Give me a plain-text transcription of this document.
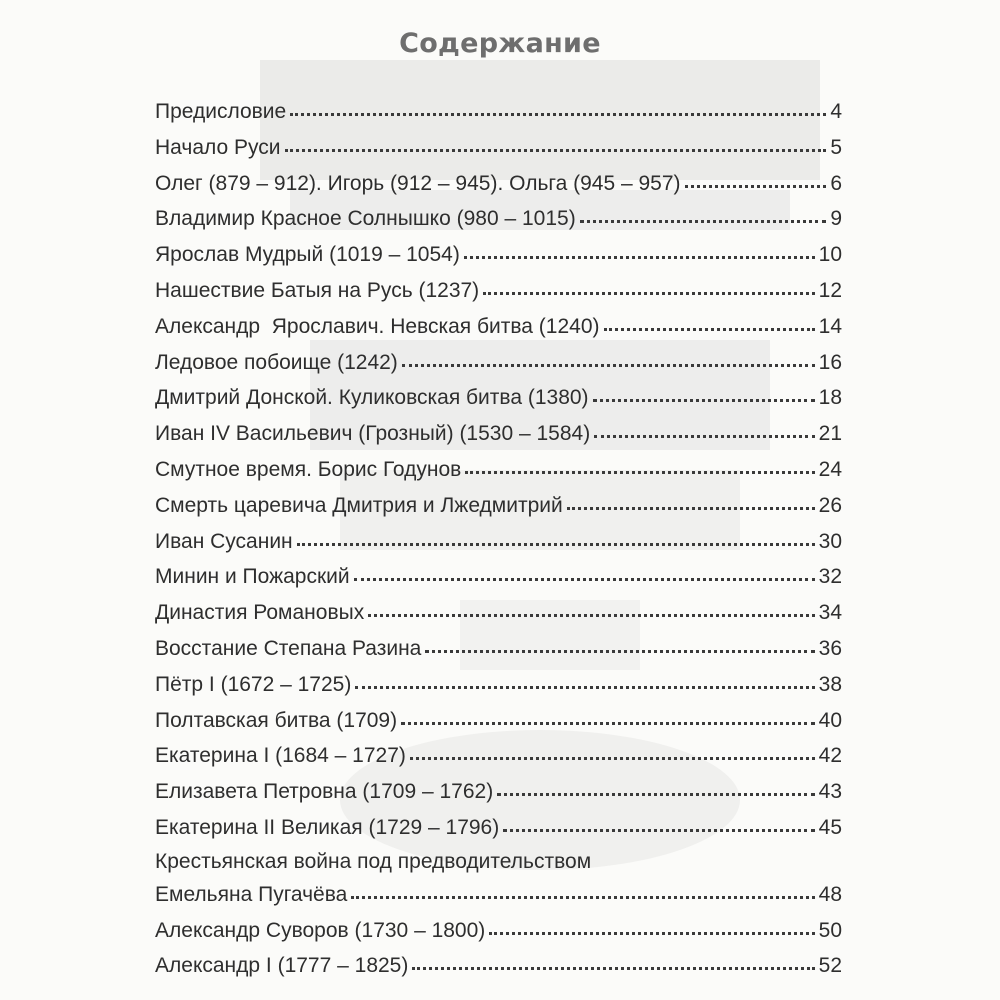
Содержание
Предисловие	4
Начало Руси	5
Олег (879 – 912). Игорь (912 – 945). Ольга (945 – 957)	6
Владимир Красное Солнышко (980 – 1015)	9
Ярослав Мудрый (1019 – 1054)	10
Нашествие Батыя на Русь (1237)	12
Александр  Ярославич. Невская битва (1240)	14
Ледовое побоище (1242)	16
Дмитрий Донской. Куликовская битва (1380)	18
Иван IV Васильевич (Грозный) (1530 – 1584)	21
Смутное время. Борис Годунов	24
Смерть царевича Дмитрия и Лжедмитрий	26
Иван Сусанин	30
Минин и Пожарский	32
Династия Романовых	34
Восстание Степана Разина	36
Пётр I (1672 – 1725)	38
Полтавская битва (1709)	40
Екатерина I (1684 – 1727)	42
Елизавета Петровна (1709 – 1762)	43
Екатерина II Великая (1729 – 1796)	45
Крестьянская война под предводительством
Емельяна Пугачёва	48
Александр Суворов (1730 – 1800)	50
Александр I (1777 – 1825)	52
